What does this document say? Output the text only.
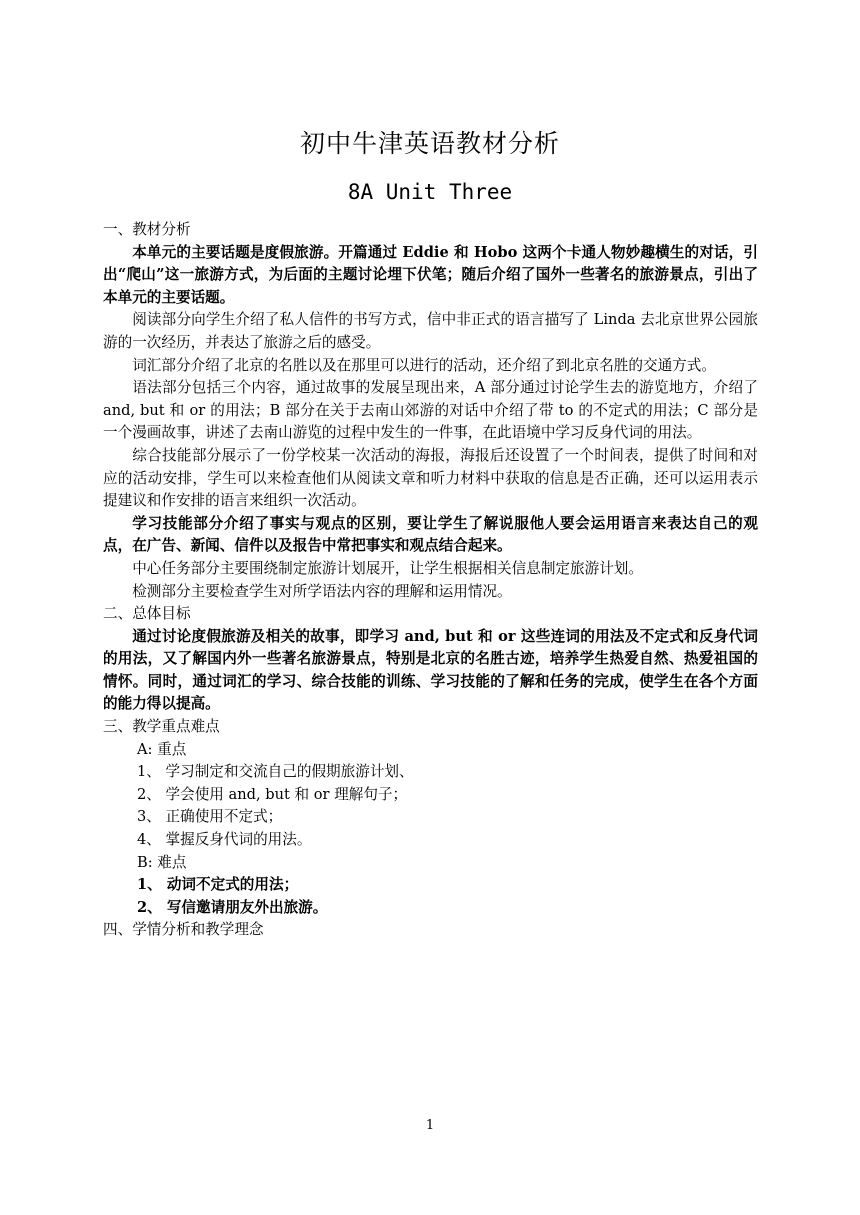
初中牛津英语教材分析
8A Unit Three

一、教材分析

本单元的主要话题是度假旅游。开篇通过 Eddie 和 Hobo 这两个卡通人物妙趣横生的对话，引出“爬山”这一旅游方式，为后面的主题讨论埋下伏笔；随后介绍了国外一些著名的旅游景点，引出了本单元的主要话题。

阅读部分向学生介绍了私人信件的书写方式，信中非正式的语言描写了 Linda 去北京世界公园旅游的一次经历，并表达了旅游之后的感受。

词汇部分介绍了北京的名胜以及在那里可以进行的活动，还介绍了到北京名胜的交通方式。

语法部分包括三个内容，通过故事的发展呈现出来，A 部分通过讨论学生去的游览地方，介绍了 and, but 和 or 的用法；B 部分在关于去南山郊游的对话中介绍了带 to 的不定式的用法；C 部分是一个漫画故事，讲述了去南山游览的过程中发生的一件事，在此语境中学习反身代词的用法。

综合技能部分展示了一份学校某一次活动的海报，海报后还设置了一个时间表，提供了时间和对应的活动安排，学生可以来检查他们从阅读文章和听力材料中获取的信息是否正确，还可以运用表示提建议和作安排的语言来组织一次活动。

学习技能部分介绍了事实与观点的区别，要让学生了解说服他人要会运用语言来表达自己的观点，在广告、新闻、信件以及报告中常把事实和观点结合起来。

中心任务部分主要围绕制定旅游计划展开，让学生根据相关信息制定旅游计划。

检测部分主要检查学生对所学语法内容的理解和运用情况。

二、总体目标

通过讨论度假旅游及相关的故事，即学习 and, but 和 or 这些连词的用法及不定式和反身代词的用法，又了解国内外一些著名旅游景点，特别是北京的名胜古迹，培养学生热爱自然、热爱祖国的情怀。同时，通过词汇的学习、综合技能的训练、学习技能的了解和任务的完成，使学生在各个方面的能力得以提高。

三、教学重点难点

A: 重点

1、 学习制定和交流自己的假期旅游计划、

2、 学会使用 and, but 和 or 理解句子；

3、 正确使用不定式；

4、 掌握反身代词的用法。

B: 难点

1、 动词不定式的用法；

2、 写信邀请朋友外出旅游。

四、学情分析和教学理念

1
